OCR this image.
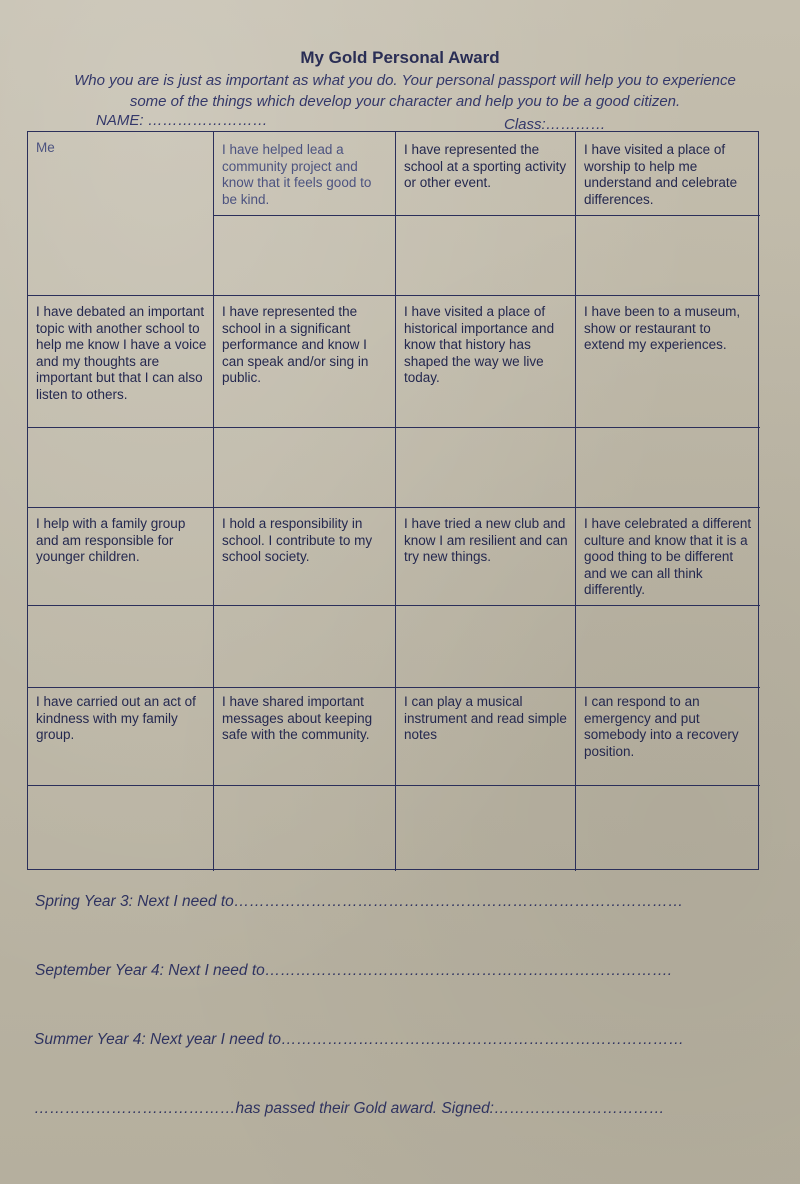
My Gold Personal Award
Who you are is just as important as what you do. Your personal passport will help you to experience
some of the things which develop your character and help you to be a good citizen.
NAME: ……………………	Class:…………
Me	I have helped lead a community project and know that it feels good to be kind.
I have represented the school at a sporting activity or other event.
I have visited a place of worship to help me understand and celebrate differences.
I have debated an important topic with another school to help me know I have a voice and my thoughts are important but that I can also listen to others.
I have represented the school in a significant performance and know I can speak and/or sing in public.
I have visited a place of historical importance and know that history has shaped the way we live today.
I have been to a museum, show or restaurant to extend my experiences.
I help with a family group and am responsible for younger children.
I hold a responsibility in school. I contribute to my school society.
I have tried a new club and know I am resilient and can try new things.
I have celebrated a different culture and know that it is a good thing to be different and we can all think differently.
I have carried out an act of kindness with my family group.
I have shared important messages about keeping safe with the community.
I can play a musical instrument and read simple notes
I can respond to an emergency and put somebody into a recovery position.
Spring Year 3: Next I need to……………………………………………………………………………
September Year 4: Next I need to…………………………………………………………………….
Summer Year 4: Next year I need to……………………………………………………………………
…………………………………has passed their Gold award. Signed:……………………………
